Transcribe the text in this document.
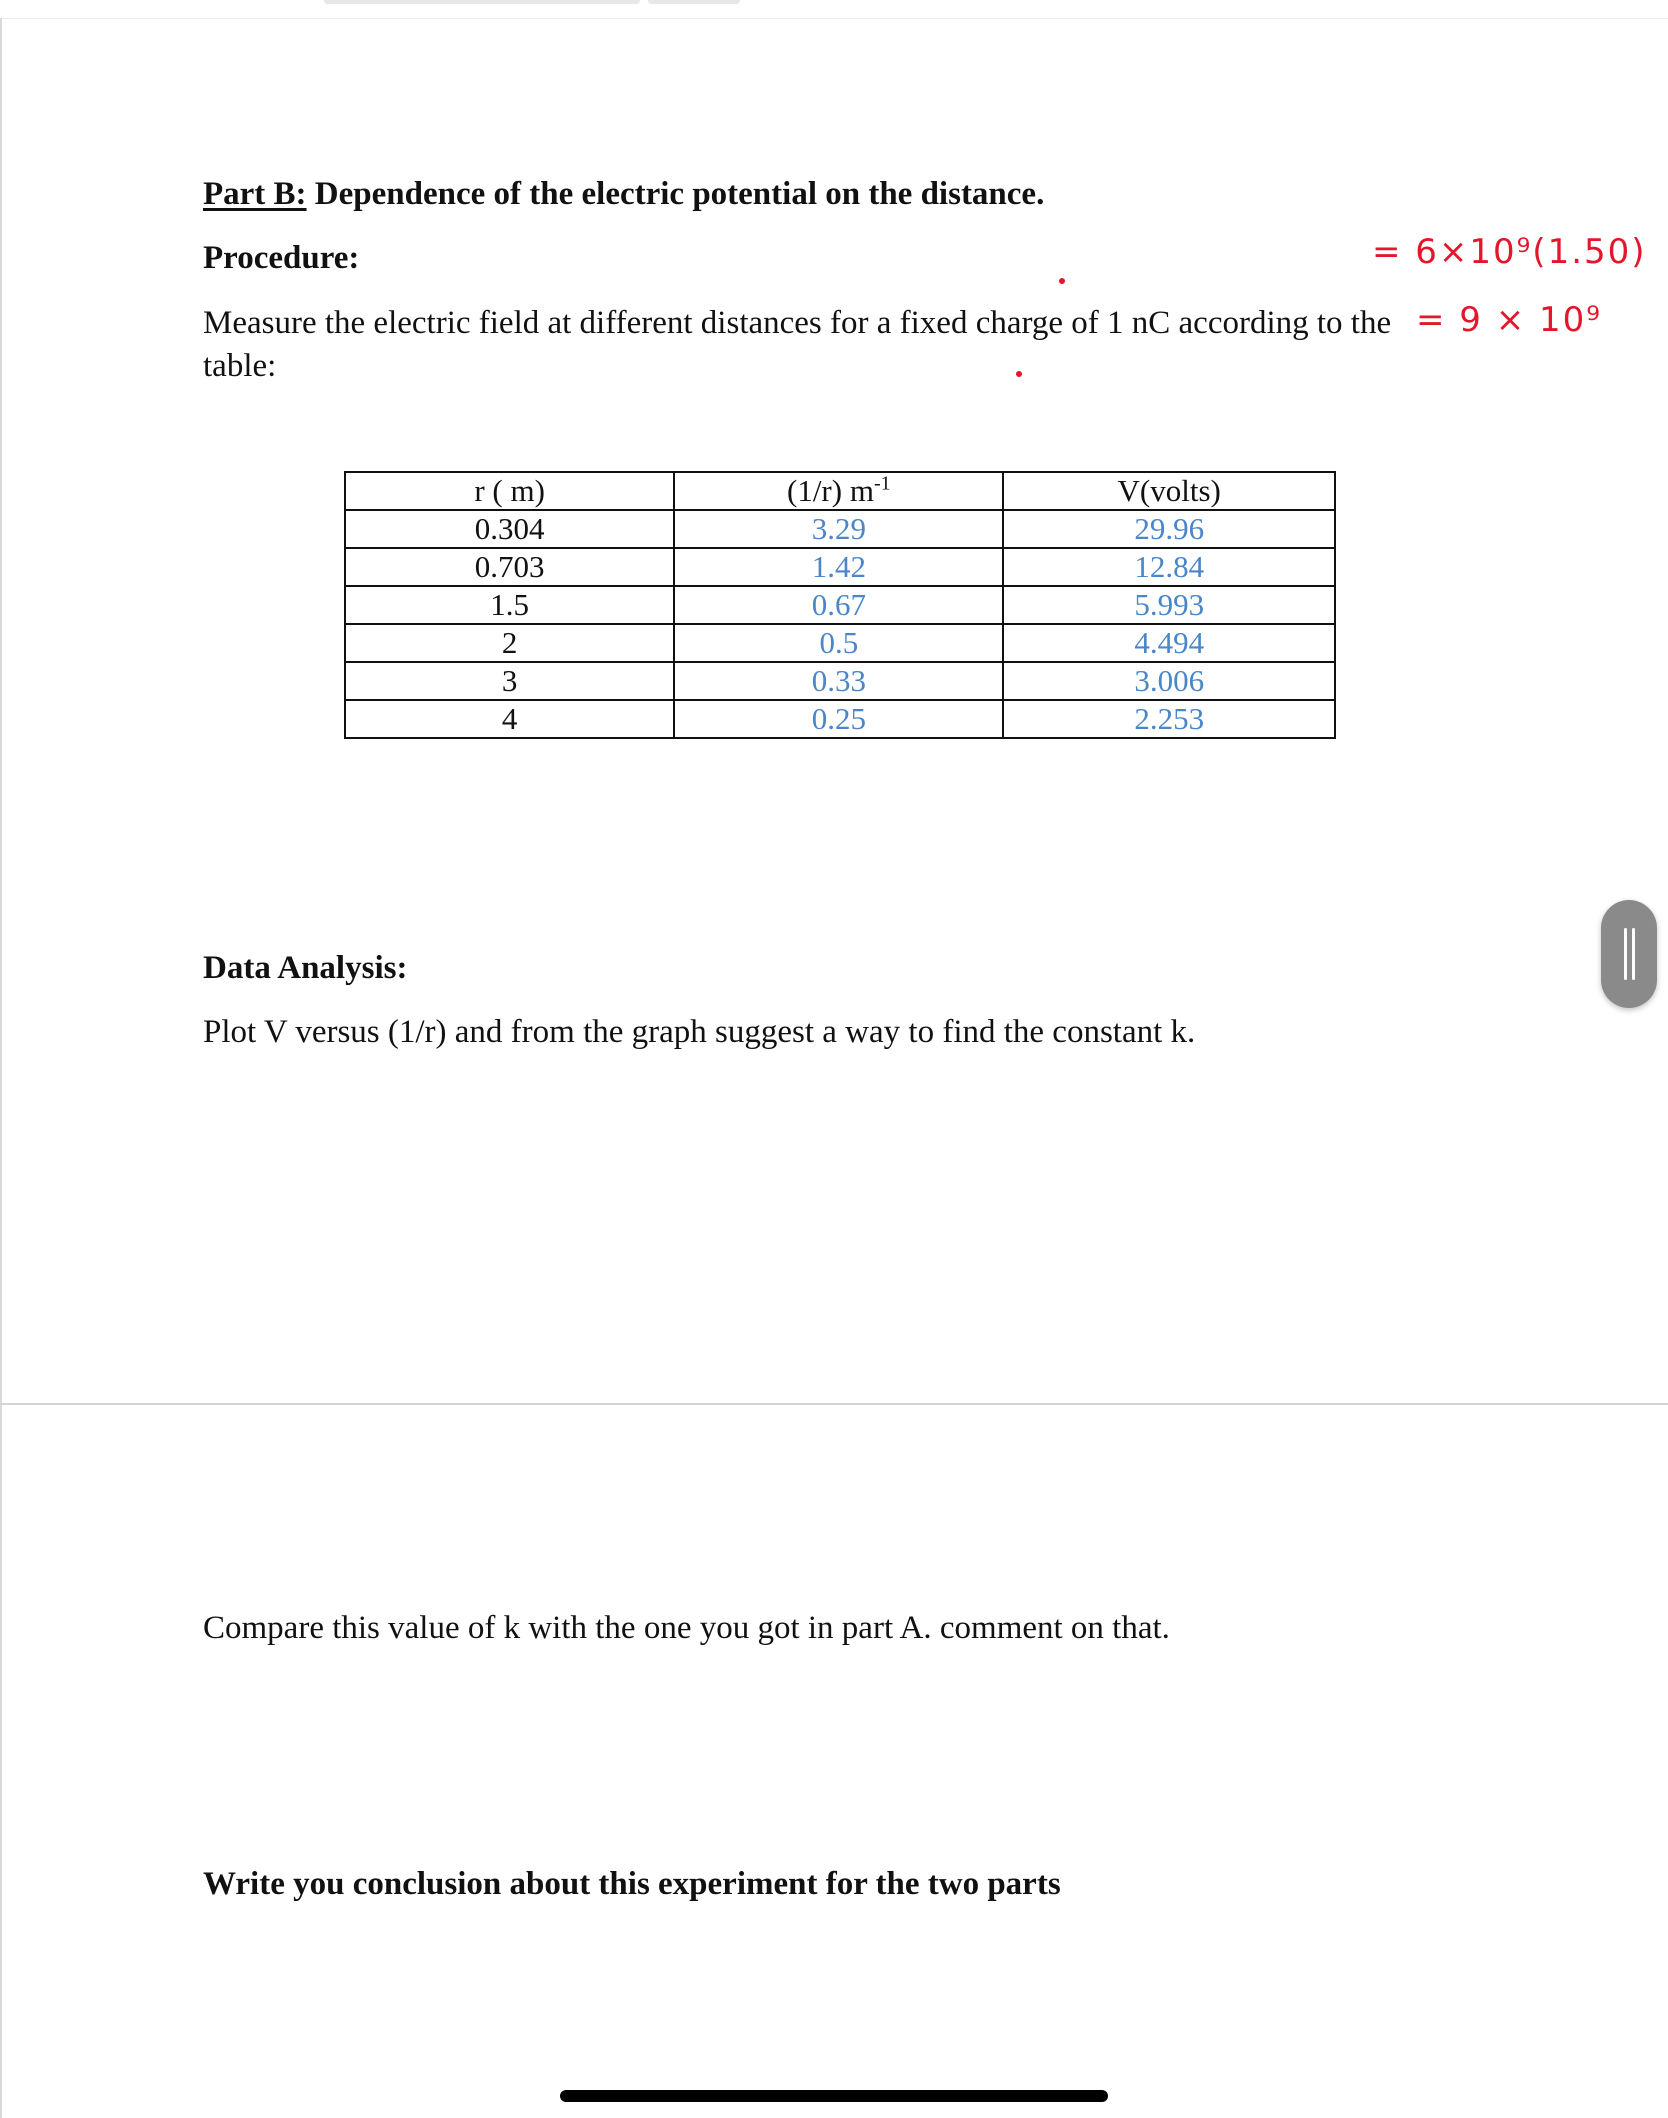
Part B: Dependence of the electric potential on the distance.
Procedure:
Measure the electric field at different distances for a fixed charge of 1 nC according to the
table:
= 6×10⁹(1.50)
= 9 × 10⁹
r ( m)	(1/r) $m^{-1}$	V(volts)
0.304	3.29	29.96
0.703	1.42	12.84
1.5	0.67	5.993
2	0.5	4.494
3	0.33	3.006
4	0.25	2.253
Data Analysis:
Plot V versus (1/r) and from the graph suggest a way to find the constant k.
Compare this value of k with the one you got in part A. comment on that.
Write you conclusion about this experiment for the two parts
